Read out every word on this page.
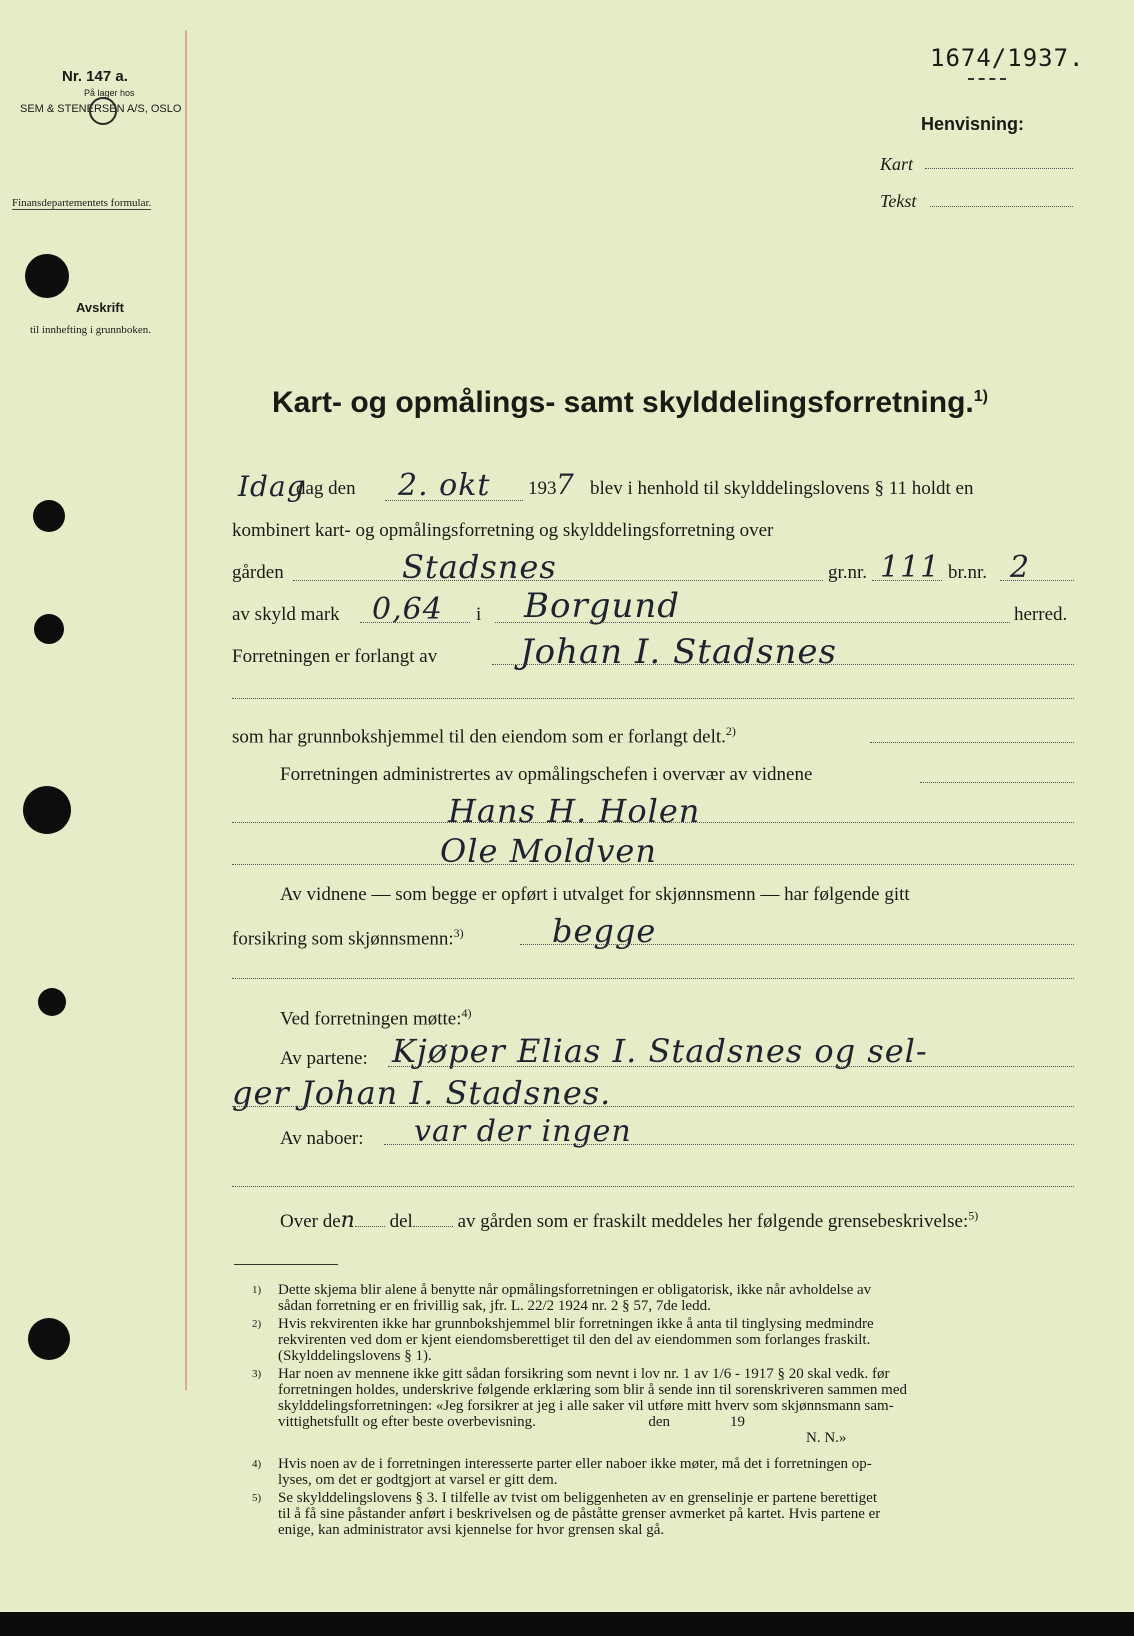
Nr. 147 a.
På lager hos
SEM & STENERSEN A/S, OSLO
Finansdepartementets formular.
Avskrift
til innhefting i grunnboken.
1674/1937.
Henvisning:
Kart
Tekst
Kart- og opmålings- samt skylddelingsforretning.$^{1)}$
Idag
dag den 2. okt 193 7 blev i henhold til skylddelingslovens § 11 holdt en
kombinert kart- og opmålingsforretning og skylddelingsforretning over
gården	Stadsnes	gr.nr. 111 br.nr. 2
av skyld mark 0,64 i Borgund	herred.
Forretningen er forlangt av Johan I. Stadsnes
som har grunnbokshjemmel til den eiendom som er forlangt delt.$^{2)}$
Forretningen administrertes av opmålingschefen i overvær av vidnene
Hans H. Holen
Ole Moldven
Av vidnene — som begge er opført i utvalget for skjønnsmenn — har følgende gitt
forsikring som skjønnsmenn:$^{3)}$	begge
Ved forretningen møtte:$^{4)}$
Av partene: Kjøper Elias I. Stadsnes og sel-
ger Johan I. Stadsnes.
Av naboer: var der ingen
Over den del av gården som er fraskilt meddeles her følgende grensebeskrivelse:$^{5)}$
1) Dette skjema blir alene å benytte når opmålingsforretningen er obligatorisk, ikke når avholdelse av

sådan forretning er en frivillig sak, jfr. L. 22/2 1924 nr. 2 § 57, 7de ledd.

2) Hvis rekvirenten ikke har grunnbokshjemmel blir forretningen ikke å anta til tinglysing medmindre

rekvirenten ved dom er kjent eiendomsberettiget til den del av eiendommen som forlanges fraskilt.

(Skylddelingslovens § 1).

3) Har noen av mennene ikke gitt sådan forsikring som nevnt i lov nr. 1 av 1/6 - 1917 § 20 skal vedk. før

forretningen holdes, underskrive følgende erklæring som blir å sende inn til sorenskriveren sammen med

skylddelingsforretningen: «Jeg forsikrer at jeg i alle saker vil utføre mitt hverv som skjønnsmann sam-

vittighetsfullt og efter beste overbevisning.                              den                19

N. N.»

4) Hvis noen av de i forretningen interesserte parter eller naboer ikke møter, må det i forretningen op-

lyses, om det er godtgjort at varsel er gitt dem.

5) Se skylddelingslovens § 3. I tilfelle av tvist om beliggenheten av en grenselinje er partene berettiget

til å få sine påstander anført i beskrivelsen og de påståtte grenser avmerket på kartet. Hvis partene er

enige, kan administrator avsi kjennelse for hvor grensen skal gå.
